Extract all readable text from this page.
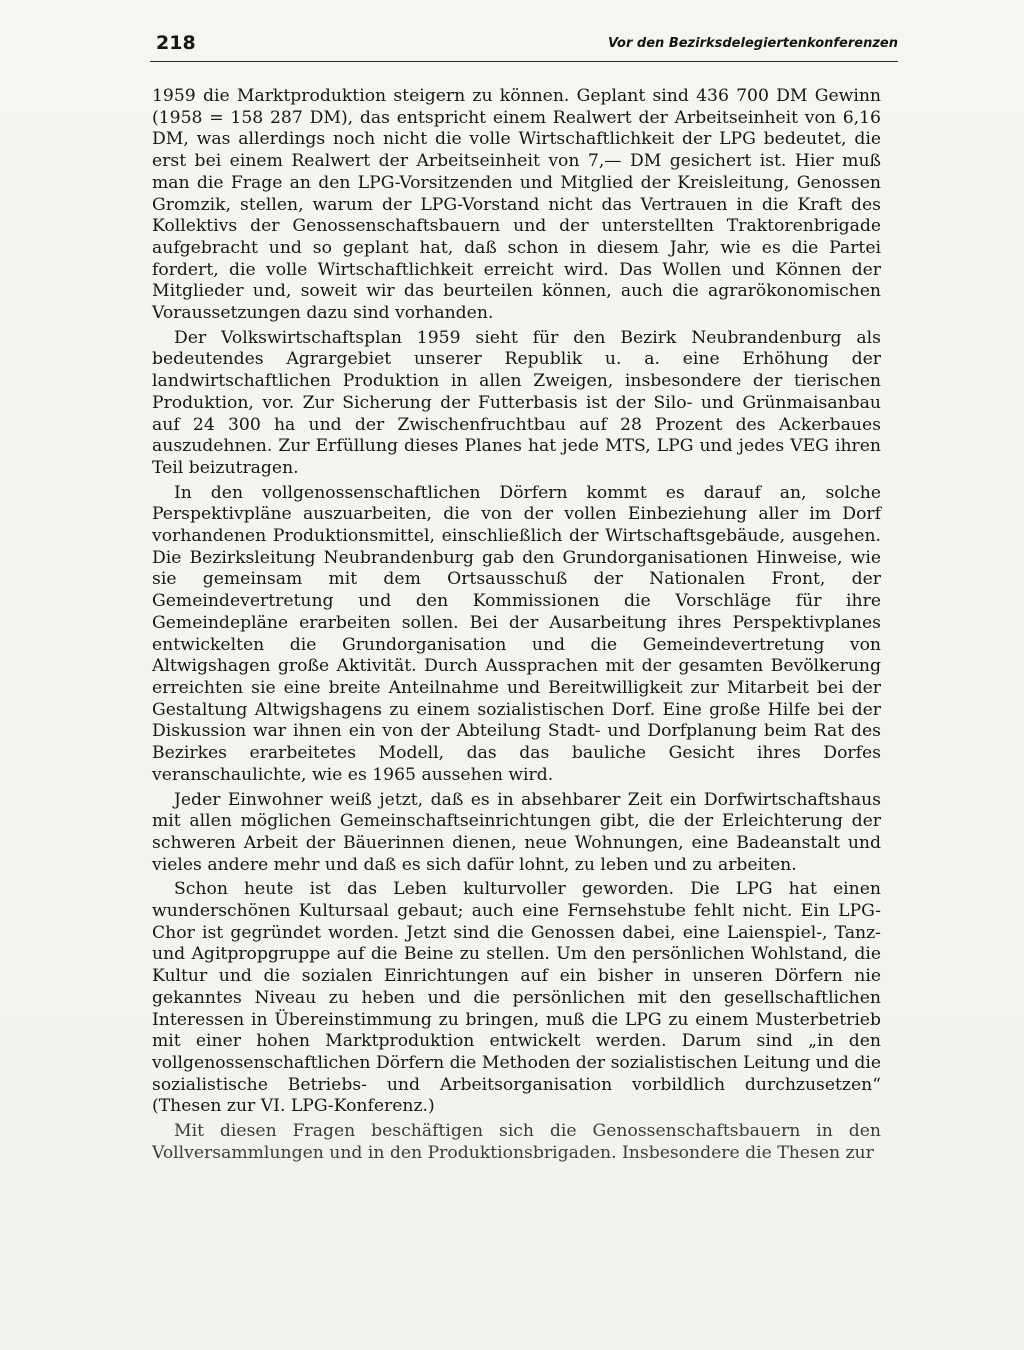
218	Vor den Bezirksdelegiertenkonferenzen

1959 die Marktproduktion steigern zu können. Geplant sind 436 700 DM Gewinn (1958 = 158 287 DM), das entspricht einem Realwert der Arbeitseinheit von 6,16 DM, was allerdings noch nicht die volle Wirtschaftlichkeit der LPG bedeutet, die erst bei einem Realwert der Arbeitseinheit von 7,— DM gesichert ist. Hier muß man die Frage an den LPG-Vorsitzenden und Mitglied der Kreisleitung, Genossen Gromzik, stellen, warum der LPG-Vorstand nicht das Vertrauen in die Kraft des Kollektivs der Genossenschaftsbauern und der unterstellten Traktorenbrigade aufgebracht und so geplant hat, daß schon in diesem Jahr, wie es die Partei fordert, die volle Wirtschaftlichkeit erreicht wird. Das Wollen und Können der Mitglieder und, soweit wir das beurteilen können, auch die agrarökonomischen Voraussetzungen dazu sind vorhanden.

Der Volkswirtschaftsplan 1959 sieht für den Bezirk Neubrandenburg als bedeutendes Agrargebiet unserer Republik u. a. eine Erhöhung der landwirtschaftlichen Produktion in allen Zweigen, insbesondere der tierischen Produktion, vor. Zur Sicherung der Futterbasis ist der Silo- und Grünmaisanbau auf 24 300 ha und der Zwischenfruchtbau auf 28 Prozent des Ackerbaues auszudehnen. Zur Erfüllung dieses Planes hat jede MTS, LPG und jedes VEG ihren Teil beizutragen.

In den vollgenossenschaftlichen Dörfern kommt es darauf an, solche Perspektivpläne auszuarbeiten, die von der vollen Einbeziehung aller im Dorf vorhandenen Produktionsmittel, einschließlich der Wirtschaftsgebäude, ausgehen. Die Bezirksleitung Neubrandenburg gab den Grundorganisationen Hinweise, wie sie gemeinsam mit dem Ortsausschuß der Nationalen Front, der Gemeindevertretung und den Kommissionen die Vorschläge für ihre Gemeindepläne erarbeiten sollen. Bei der Ausarbeitung ihres Perspektivplanes entwickelten die Grundorganisation und die Gemeindevertretung von Altwigshagen große Aktivität. Durch Aussprachen mit der gesamten Bevölkerung erreichten sie eine breite Anteilnahme und Bereitwilligkeit zur Mitarbeit bei der Gestaltung Altwigshagens zu einem sozialistischen Dorf. Eine große Hilfe bei der Diskussion war ihnen ein von der Abteilung Stadt- und Dorfplanung beim Rat des Bezirkes erarbeitetes Modell, das das bauliche Gesicht ihres Dorfes veranschaulichte, wie es 1965 aussehen wird.

Jeder Einwohner weiß jetzt, daß es in absehbarer Zeit ein Dorfwirtschaftshaus mit allen möglichen Gemeinschaftseinrichtungen gibt, die der Erleichterung der schweren Arbeit der Bäuerinnen dienen, neue Wohnungen, eine Badeanstalt und vieles andere mehr und daß es sich dafür lohnt, zu leben und zu arbeiten.

Schon heute ist das Leben kulturvoller geworden. Die LPG hat einen wunderschönen Kultursaal gebaut; auch eine Fernsehstube fehlt nicht. Ein LPG-Chor ist gegründet worden. Jetzt sind die Genossen dabei, eine Laienspiel-, Tanz- und Agitpropgruppe auf die Beine zu stellen. Um den persönlichen Wohlstand, die Kultur und die sozialen Einrichtungen auf ein bisher in unseren Dörfern nie gekanntes Niveau zu heben und die persönlichen mit den gesellschaftlichen Interessen in Übereinstimmung zu bringen, muß die LPG zu einem Musterbetrieb mit einer hohen Marktproduktion entwickelt werden. Darum sind „in den vollgenossenschaftlichen Dörfern die Methoden der sozialistischen Leitung und die sozialistische Betriebs- und Arbeitsorganisation vorbildlich durchzusetzen“ (Thesen zur VI. LPG-Konferenz.)

Mit diesen Fragen beschäftigen sich die Genossenschaftsbauern in den Vollversammlungen und in den Produktionsbrigaden. Insbesondere die Thesen zur
